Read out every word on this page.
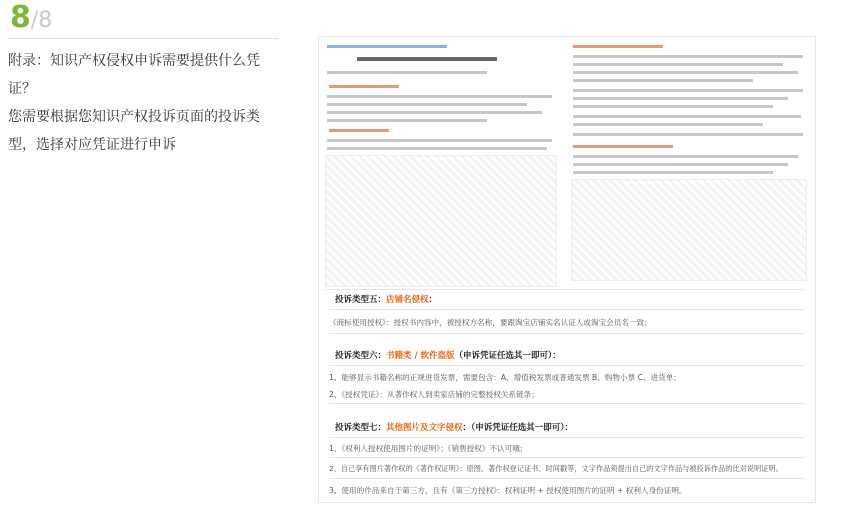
8/8

附录：知识产权侵权申诉需要提供什么凭证？

您需要根据您知识产权投诉页面的投诉类型，选择对应凭证进行申诉

投诉类型五：店铺名侵权：
《商标使用授权》：授权书内容中，被授权方名称，要跟淘宝店铺实名认证人或淘宝会员名一致；
投诉类型六：书籍类 / 软件盗版（申诉凭证任选其一即可）：
1、能够显示书籍名称的正规进货发票，需要包含：A、增值税发票或普通发票 B、购物小票 C、进货单；
2、《授权凭证》：从著作权人到卖家店铺的完整授权关系链条；
投诉类型七：其他图片及文字侵权：（申诉凭证任选其一即可）：
1、《权利人授权使用图片的证明》；《销售授权》不认可哦；
2、自己享有图片著作权的《著作权证明》：原图、著作权登记证书、时间戳等，文字作品须提出自己的文字作品与被投诉作品的比对说明证明。
3、使用的作品来自于第三方，且有《第三方授权》：权利证明 + 授权使用图片的证明 + 权利人身份证明。
